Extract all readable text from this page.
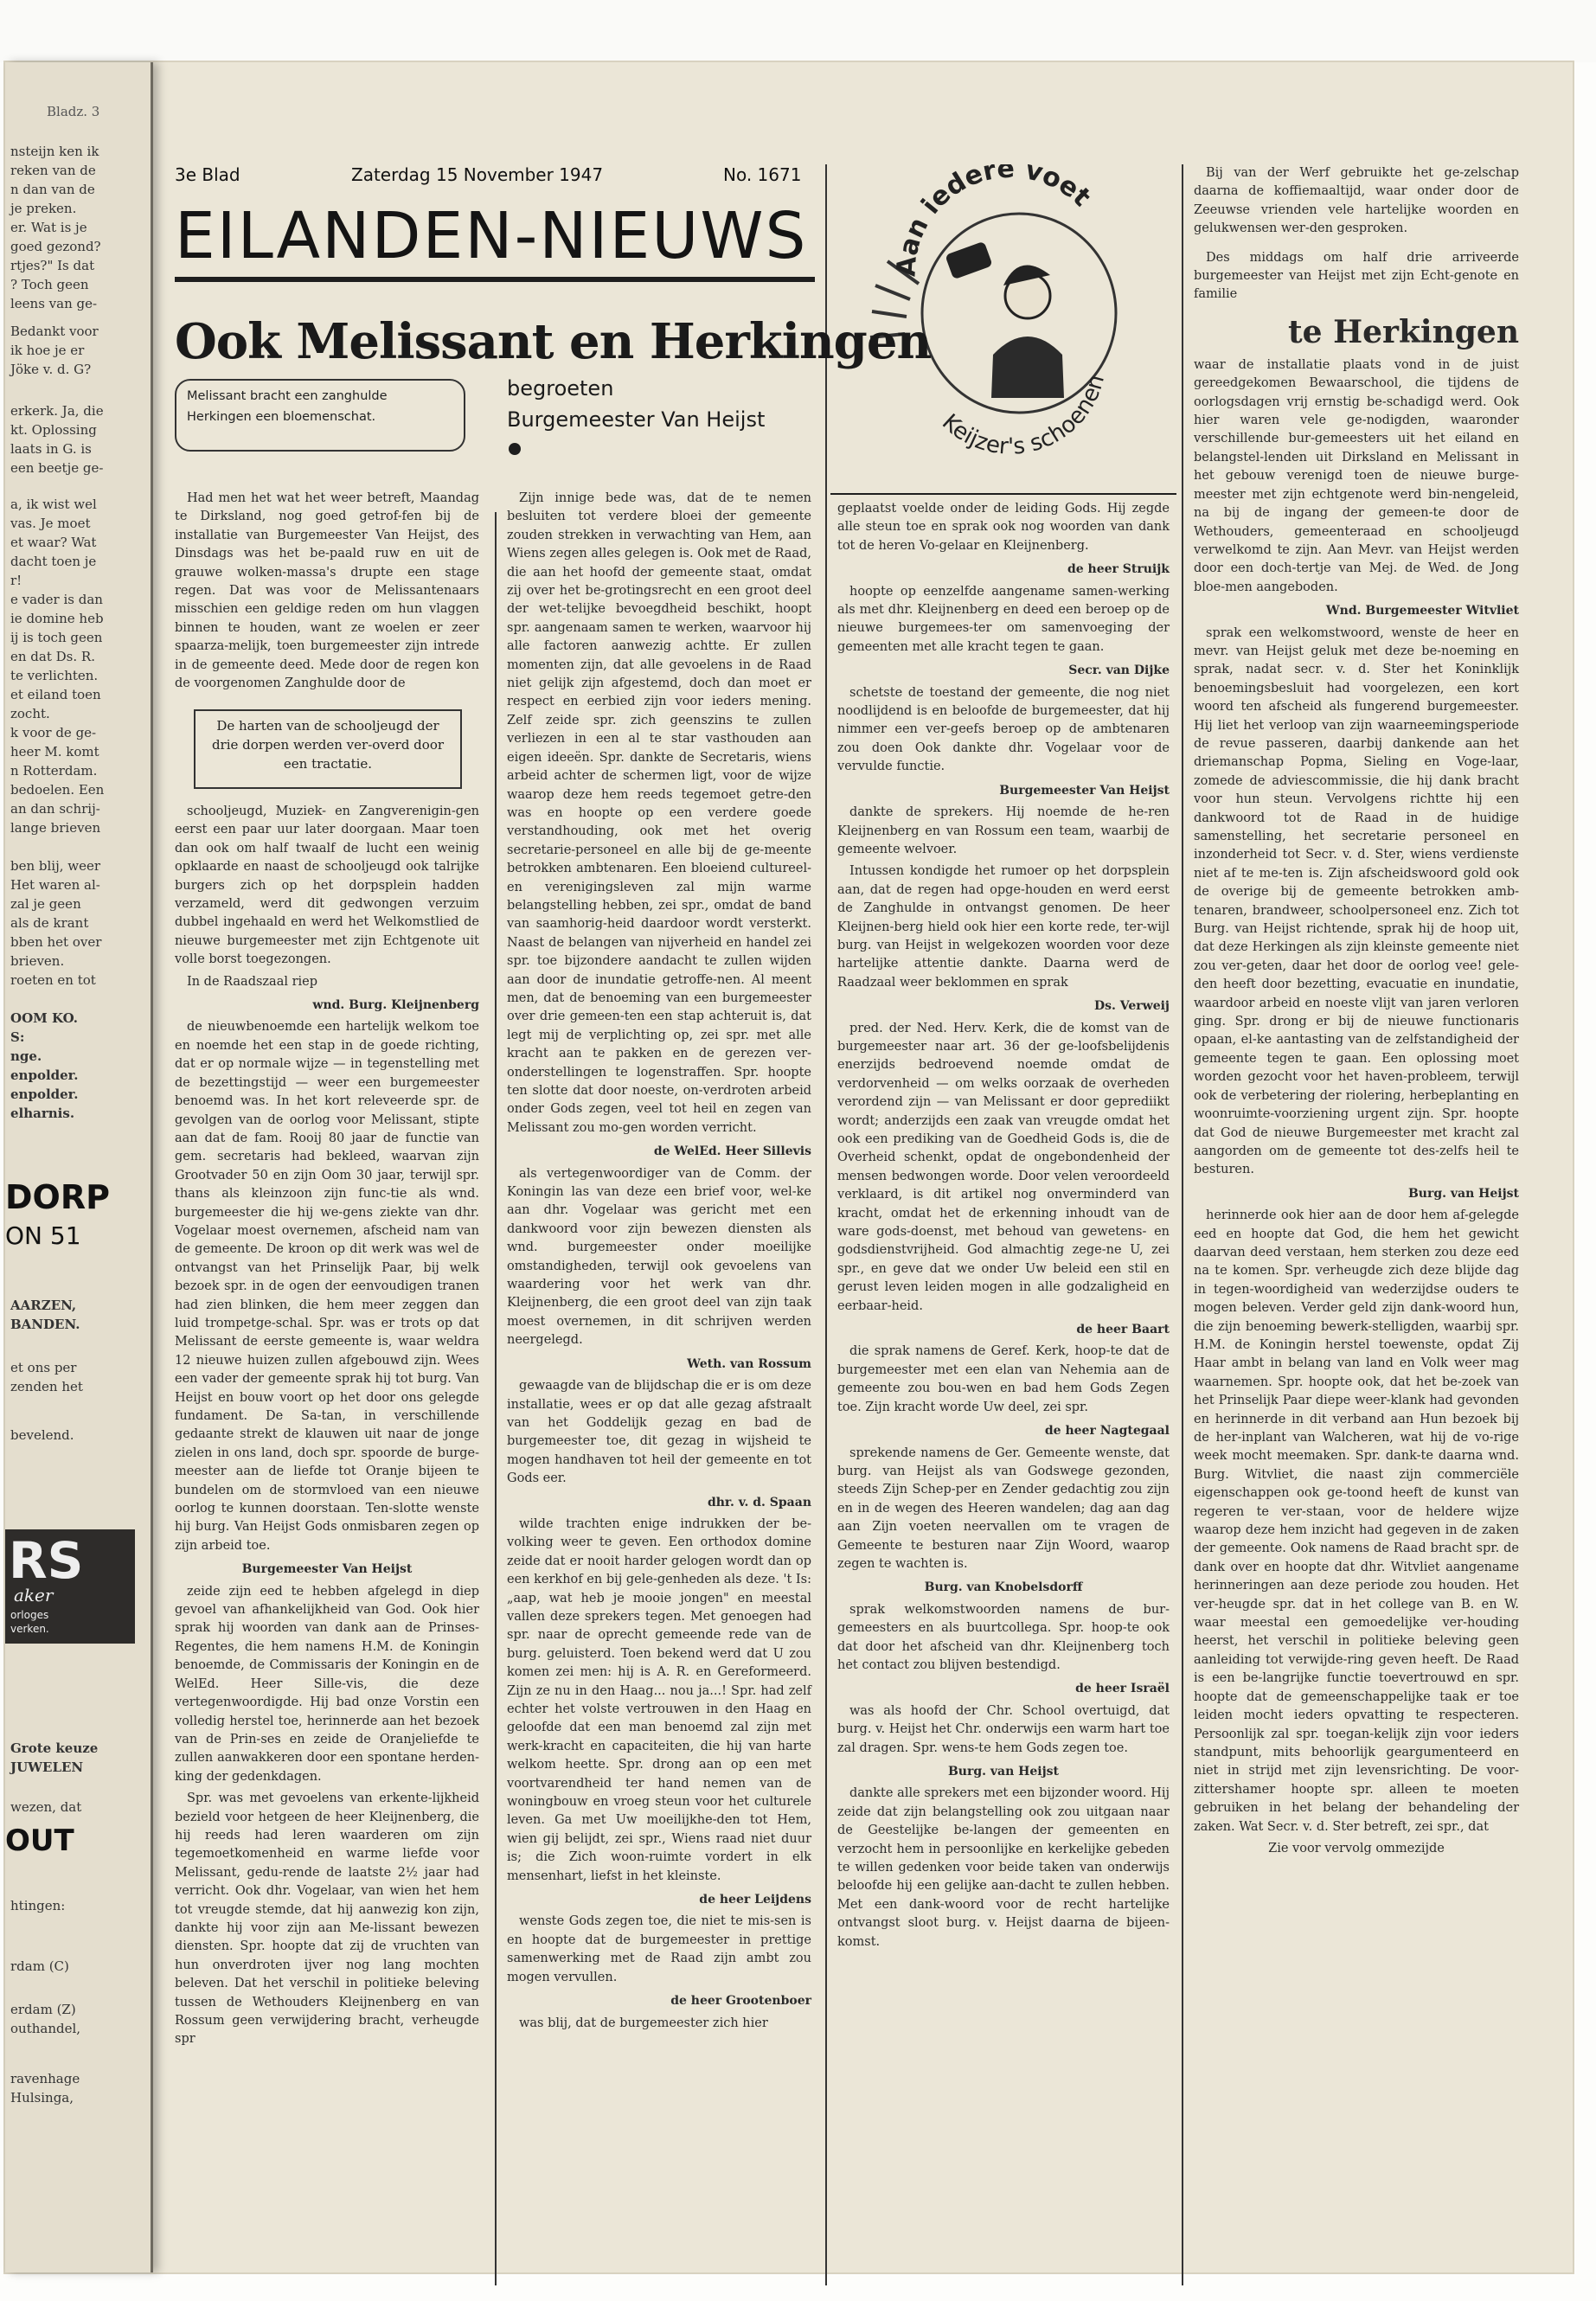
Bladz. 3
nsteijn ken ik
reken van de
n dan van de
je preken.
er. Wat is je
goed gezond?
rtjes?" Is dat
? Toch geen
leens van ge-
Bedankt voor
ik hoe je er
Jöke v. d. G?
erkerk. Ja, die
kt. Oplossing
laats in G. is
een beetje ge-
a, ik wist wel
vas. Je moet
et waar? Wat
dacht toen je
r!
e vader is dan
ie domine heb
ij is toch geen
en dat Ds. R.
te verlichten.
et eiland toen
zocht.
k voor de ge-
heer M. komt
n Rotterdam.
bedoelen. Een
an dan schrij-
lange brieven
ben blij, weer
Het waren al-
zal je geen
als de krant
bben het over
brieven.
roeten en tot
OOM KO.
S:
nge.
enpolder.
enpolder.
elharnis.
DORP
ON 51
AARZEN,
BANDEN.
et ons per
zenden het
bevelend.
RS
aker
orloges
verken.
Grote keuze
JUWELEN
wezen, dat
OUT
htingen:
rdam (C)
erdam (Z)
outhandel,
ravenhage
Hulsinga,
3e Blad	Zaterdag 15 November 1947	No. 1671
EILANDEN-NIEUWS	Aan iedere voet
Keijzer's schoenen
Ook Melissant en Herkingen
Melissant bracht een zanghulde Herkingen een bloemenschat.
begroeten
Burgemeester Van Heijst

Had men het wat het weer betreft, Maandag te Dirksland, nog goed getrof-fen bij de installatie van Burgemeester Van Heijst, des Dinsdags was het be-paald ruw en uit de grauwe wolken-massa's drupte een stage regen. Dat was voor de Melissantenaars misschien een geldige reden om hun vlaggen binnen te houden, want ze woelen er zeer spaarza-melijk, toen burgemeester zijn intrede in de gemeente deed. Mede door de regen kon de voorgenomen Zanghulde door de

De harten van de schooljeugd der drie dorpen werden ver-overd door een tractatie.

schooljeugd, Muziek- en Zangverenigin-gen eerst een paar uur later doorgaan. Maar toen dan ook om half twaalf de lucht een weinig opklaarde en naast de schooljeugd ook talrijke burgers zich op het dorpsplein hadden verzameld, werd dit gedwongen verzuim dubbel ingehaald en werd het Welkomstlied de nieuwe burgemeester met zijn Echtgenote uit volle borst toegezongen.

In de Raadszaal riep

wnd. Burg. Kleijnenberg

de nieuwbenoemde een hartelijk welkom toe en noemde het een stap in de goede richting, dat er op normale wijze — in tegenstelling met de bezettingstijd — weer een burgemeester benoemd was. In het kort releveerde spr. de gevolgen van de oorlog voor Melissant, stipte aan dat de fam. Rooij 80 jaar de functie van gem. secretaris had bekleed, waarvan zijn Grootvader 50 en zijn Oom 30 jaar, terwijl spr. thans als kleinzoon zijn func-tie als wnd. burgemeester die hij we-gens ziekte van dhr. Vogelaar moest overnemen, afscheid nam van de gemeente. De kroon op dit werk was wel de ontvangst van het Prinselijk Paar, bij welk bezoek spr. in de ogen der eenvoudigen tranen had zien blinken, die hem meer zeggen dan luid trompetge-schal. Spr. was er trots op dat Melissant de eerste gemeente is, waar weldra 12 nieuwe huizen zullen afgebouwd zijn. Wees een vader der gemeente sprak hij tot burg. Van Heijst en bouw voort op het door ons gelegde fundament. De Sa-tan, in verschillende gedaante strekt de klauwen uit naar de jonge zielen in ons land, doch spr. spoorde de burge-meester aan de liefde tot Oranje bijeen te bundelen om de stormvloed van een nieuwe oorlog te kunnen doorstaan. Ten-slotte wenste hij burg. Van Heijst Gods onmisbaren zegen op zijn arbeid toe.

Burgemeester Van Heijst

zeide zijn eed te hebben afgelegd in diep gevoel van afhankelijkheid van God. Ook hier sprak hij woorden van dank aan de Prinses-Regentes, die hem namens H.M. de Koningin benoemde, de Commissaris der Koningin en de WelEd. Heer Sille-vis, die deze vertegenwoordigde. Hij bad onze Vorstin een volledig herstel toe, herinnerde aan het bezoek van de Prin-ses en zeide de Oranjeliefde te zullen aanwakkeren door een spontane herden-king der gedenkdagen.

Spr. was met gevoelens van erkente-lijkheid bezield voor hetgeen de heer Kleijnenberg, die hij reeds had leren waarderen om zijn tegemoetkomenheid en warme liefde voor Melissant, gedu-rende de laatste 2½ jaar had verricht. Ook dhr. Vogelaar, van wien het hem tot vreugde stemde, dat hij aanwezig kon zijn, dankte hij voor zijn aan Me-lissant bewezen diensten. Spr. hoopte dat zij de vruchten van hun onverdroten ijver nog lang mochten beleven. Dat het verschil in politieke beleving tussen de Wethouders Kleijnenberg en van Rossum geen verwijdering bracht, verheugde spr

Zijn innige bede was, dat de te nemen besluiten tot verdere bloei der gemeente zouden strekken in verwachting van Hem, aan Wiens zegen alles gelegen is. Ook met de Raad, die aan het hoofd der gemeente staat, omdat zij over het be-grotingsrecht en een groot deel der wet-telijke bevoegdheid beschikt, hoopt spr. aangenaam samen te werken, waarvoor hij alle factoren aanwezig achtte. Er zullen momenten zijn, dat alle gevoelens in de Raad niet gelijk zijn afgestemd, doch dan moet er respect en eerbied zijn voor ieders mening. Zelf zeide spr. zich geenszins te zullen verliezen in een al te star vasthouden aan eigen ideeën. Spr. dankte de Secretaris, wiens arbeid achter de schermen ligt, voor de wijze waarop deze hem reeds tegemoet getre-den was en hoopte op een verdere goede verstandhouding, ook met het overig secretarie-personeel en alle bij de ge-meente betrokken ambtenaren. Een bloeiend cultureel- en verenigingsleven zal mijn warme belangstelling hebben, zei spr., omdat de band van saamhorig-heid daardoor wordt versterkt. Naast de belangen van nijverheid en handel zei spr. toe bijzondere aandacht te zullen wijden aan door de inundatie getroffe-nen. Al meent men, dat de benoeming van een burgemeester over drie gemeen-ten een stap achteruit is, dat legt mij de verplichting op, zei spr. met alle kracht aan te pakken en de gerezen ver-onderstellingen te logenstraffen. Spr. hoopte ten slotte dat door noeste, on-verdroten arbeid onder Gods zegen, veel tot heil en zegen van Melissant zou mo-gen worden verricht.

de WelEd. Heer Sillevis

als vertegenwoordiger van de Comm. der Koningin las van deze een brief voor, wel-ke aan dhr. Vogelaar was gericht met een dankwoord voor zijn bewezen diensten als wnd. burgemeester onder moeilijke omstandigheden, terwijl ook gevoelens van waardering voor het werk van dhr. Kleijnenberg, die een groot deel van zijn taak moest overnemen, in dit schrijven werden neergelegd.

Weth. van Rossum

gewaagde van de blijdschap die er is om deze installatie, wees er op dat alle gezag afstraalt van het Goddelijk gezag en bad de burgemeester toe, dit gezag in wijsheid te mogen handhaven tot heil der gemeente en tot Gods eer.

dhr. v. d. Spaan

wilde trachten enige indrukken der be-volking weer te geven. Een orthodox domine zeide dat er nooit harder gelogen wordt dan op een kerkhof en bij gele-genheden als deze. 't Is: „aap, wat heb je mooie jongen" en meestal vallen deze sprekers tegen. Met genoegen had spr. naar de oprecht gemeende rede van de burg. geluisterd. Toen bekend werd dat U zou komen zei men: hij is A. R. en Gereformeerd. Zijn ze nu in den Haag... nou ja...! Spr. had zelf echter het volste vertrouwen in den Haag en geloofde dat een man benoemd zal zijn met werk-kracht en capaciteiten, die hij van harte welkom heette. Spr. drong aan op een met voortvarendheid ter hand nemen van de woningbouw en vroeg steun voor het culturele leven. Ga met Uw moeilijkhe-den tot Hem, wien gij belijdt, zei spr., Wiens raad niet duur is; die Zich woon-ruimte vordert in elk mensenhart, liefst in het kleinste.

de heer Leijdens

wenste Gods zegen toe, die niet te mis-sen is en hoopte dat de burgemeester in prettige samenwerking met de Raad zijn ambt zou mogen vervullen.

de heer Grootenboer

was blij, dat de burgemeester zich hier

geplaatst voelde onder de leiding Gods. Hij zegde alle steun toe en sprak ook nog woorden van dank tot de heren Vo-gelaar en Kleijnenberg.

de heer Struijk

hoopte op eenzelfde aangename samen-werking als met dhr. Kleijnenberg en deed een beroep op de nieuwe burgemees-ter om samenvoeging der gemeenten met alle kracht tegen te gaan.

Secr. van Dijke

schetste de toestand der gemeente, die nog niet noodlijdend is en beloofde de burgemeester, dat hij nimmer een ver-geefs beroep op de ambtenaren zou doen Ook dankte dhr. Vogelaar voor de vervulde functie.

Burgemeester Van Heijst

dankte de sprekers. Hij noemde de he-ren Kleijnenberg en van Rossum een team, waarbij de gemeente welvoer.

Intussen kondigde het rumoer op het dorpsplein aan, dat de regen had opge-houden en werd eerst de Zanghulde in ontvangst genomen. De heer Kleijnen-berg hield ook hier een korte rede, ter-wijl burg. van Heijst in welgekozen woorden voor deze hartelijke attentie dankte. Daarna werd de Raadzaal weer beklommen en sprak

Ds. Verweij

pred. der Ned. Herv. Kerk, die de komst van de burgemeester naar art. 36 der ge-loofsbelijdenis enerzijds bedroevend noemde omdat de verdorvenheid — om welks oorzaak de overheden verordend zijn — van Melissant er door geprediikt wordt; anderzijds een zaak van vreugde omdat het ook een prediking van de Goedheid Gods is, die de Overheid schenkt, opdat de ongebondenheid der mensen bedwongen worde. Door velen veroordeeld verklaard, is dit artikel nog onverminderd van kracht, omdat het de erkenning inhoudt van de ware gods-doenst, met behoud van gewetens- en godsdienstvrijheid. God almachtig zege-ne U, zei spr., en geve dat we onder Uw beleid een stil en gerust leven leiden mogen in alle godzaligheid en eerbaar-heid.

de heer Baart

die sprak namens de Geref. Kerk, hoop-te dat de burgemeester met een elan van Nehemia aan de gemeente zou bou-wen en bad hem Gods Zegen toe. Zijn kracht worde Uw deel, zei spr.

de heer Nagtegaal

sprekende namens de Ger. Gemeente wenste, dat burg. van Heijst als van Godswege gezonden, steeds Zijn Schep-per en Zender gedachtig zou zijn en in de wegen des Heeren wandelen; dag aan dag aan Zijn voeten neervallen om te vragen de Gemeente te besturen naar Zijn Woord, waarop zegen te wachten is.

Burg. van Knobelsdorff

sprak welkomstwoorden namens de bur-gemeesters en als buurtcollega. Spr. hoop-te ook dat door het afscheid van dhr. Kleijnenberg toch het contact zou blijven bestendigd.

de heer Israël

was als hoofd der Chr. School overtuigd, dat burg. v. Heijst het Chr. onderwijs een warm hart toe zal dragen. Spr. wens-te hem Gods zegen toe.

Burg. van Heijst

dankte alle sprekers met een bijzonder woord. Hij zeide dat zijn belangstelling ook zou uitgaan naar de Geestelijke be-langen der gemeenten en verzocht hem in persoonlijke en kerkelijke gebeden te willen gedenken voor beide taken van onderwijs beloofde hij een gelijke aan-dacht te zullen hebben. Met een dank-woord voor de recht hartelijke ontvangst sloot burg. v. Heijst daarna de bijeen-komst.

Bij van der Werf gebruikte het ge-zelschap daarna de koffiemaaltijd, waar onder door de Zeeuwse vrienden vele hartelijke woorden en gelukwensen wer-den gesproken.

Des middags om half drie arriveerde burgemeester van Heijst met zijn Echt-genote en familie

te Herkingen

waar de installatie plaats vond in de juist gereedgekomen Bewaarschool, die tijdens de oorlogsdagen vrij ernstig be-schadigd werd. Ook hier waren vele ge-nodigden, waaronder verschillende bur-gemeesters uit het eiland en belangstel-lenden uit Dirksland en Melissant in het gebouw verenigd toen de nieuwe burge-meester met zijn echtgenote werd bin-nengeleid, na bij de ingang der gemeen-te door de Wethouders, gemeenteraad en schooljeugd verwelkomd te zijn. Aan Mevr. van Heijst werden door een doch-tertje van Mej. de Wed. de Jong bloe-men aangeboden.

Wnd. Burgemeester Witvliet

sprak een welkomstwoord, wenste de heer en mevr. van Heijst geluk met deze be-noeming en sprak, nadat secr. v. d. Ster het Koninklijk benoemingsbesluit had voorgelezen, een kort woord ten afscheid als fungerend burgemeester. Hij liet het verloop van zijn waarneemingsperiode de revue passeren, daarbij dankende aan het driemanschap Popma, Sieling en Voge-laar, zomede de adviescommissie, die hij dank bracht voor hun steun. Vervolgens richtte hij een dankwoord tot de Raad in de huidige samenstelling, het secretarie personeel en inzonderheid tot Secr. v. d. Ster, wiens verdienste niet af te me-ten is. Zijn afscheidswoord gold ook de overige bij de gemeente betrokken amb-tenaren, brandweer, schoolpersoneel enz. Zich tot Burg. van Heijst richtende, sprak hij de hoop uit, dat deze Herkingen als zijn kleinste gemeente niet zou ver-geten, daar het door de oorlog vee! gele-den heeft door bezetting, evacuatie en inundatie, waardoor arbeid en noeste vlijt van jaren verloren ging. Spr. drong er bij de nieuwe functionaris opaan, el-ke aantasting van de zelfstandigheid der gemeente tegen te gaan. Een oplossing moet worden gezocht voor het haven-probleem, terwijl ook de verbetering der riolering, herbeplanting en woonruimte-voorziening urgent zijn. Spr. hoopte dat God de nieuwe Burgemeester met kracht zal aangorden om de gemeente tot des-zelfs heil te besturen.

Burg. van Heijst

herinnerde ook hier aan de door hem af-gelegde eed en hoopte dat God, die hem het gewicht daarvan deed verstaan, hem sterken zou deze eed na te komen. Spr. verheugde zich deze blijde dag in tegen-woordigheid van wederzijdse ouders te mogen beleven. Verder geld zijn dank-woord hun, die zijn benoeming bewerk-stelligden, waarbij spr. H.M. de Koningin herstel toewenste, opdat Zij Haar ambt in belang van land en Volk weer mag waarnemen. Spr. hoopte ook, dat het be-zoek van het Prinselijk Paar diepe weer-klank had gevonden en herinnerde in dit verband aan Hun bezoek bij de her-inplant van Walcheren, wat hij de vo-rige week mocht meemaken. Spr. dank-te daarna wnd. Burg. Witvliet, die naast zijn commerciële eigenschappen ook ge-toond heeft de kunst van regeren te ver-staan, voor de heldere wijze waarop deze hem inzicht had gegeven in de zaken der gemeente. Ook namens de Raad bracht spr. de dank over en hoopte dat dhr. Witvliet aangename herinneringen aan deze periode zou houden. Het ver-heugde spr. dat in het college van B. en W. waar meestal een gemoedelijke ver-houding heerst, het verschil in politieke beleving geen aanleiding tot verwijde-ring geven heeft. De Raad is een be-langrijke functie toevertrouwd en spr. hoopte dat de gemeenschappelijke taak er toe leiden mocht ieders opvatting te respecteren. Persoonlijk zal spr. toegan-kelijk zijn voor ieders standpunt, mits behoorlijk geargumenteerd en niet in strijd met zijn levensrichting. De voor-zittershamer hoopte spr. alleen te moeten gebruiken in het belang der behandeling der zaken. Wat Secr. v. d. Ster betreft, zei spr., dat

Zie voor vervolg ommezijde
